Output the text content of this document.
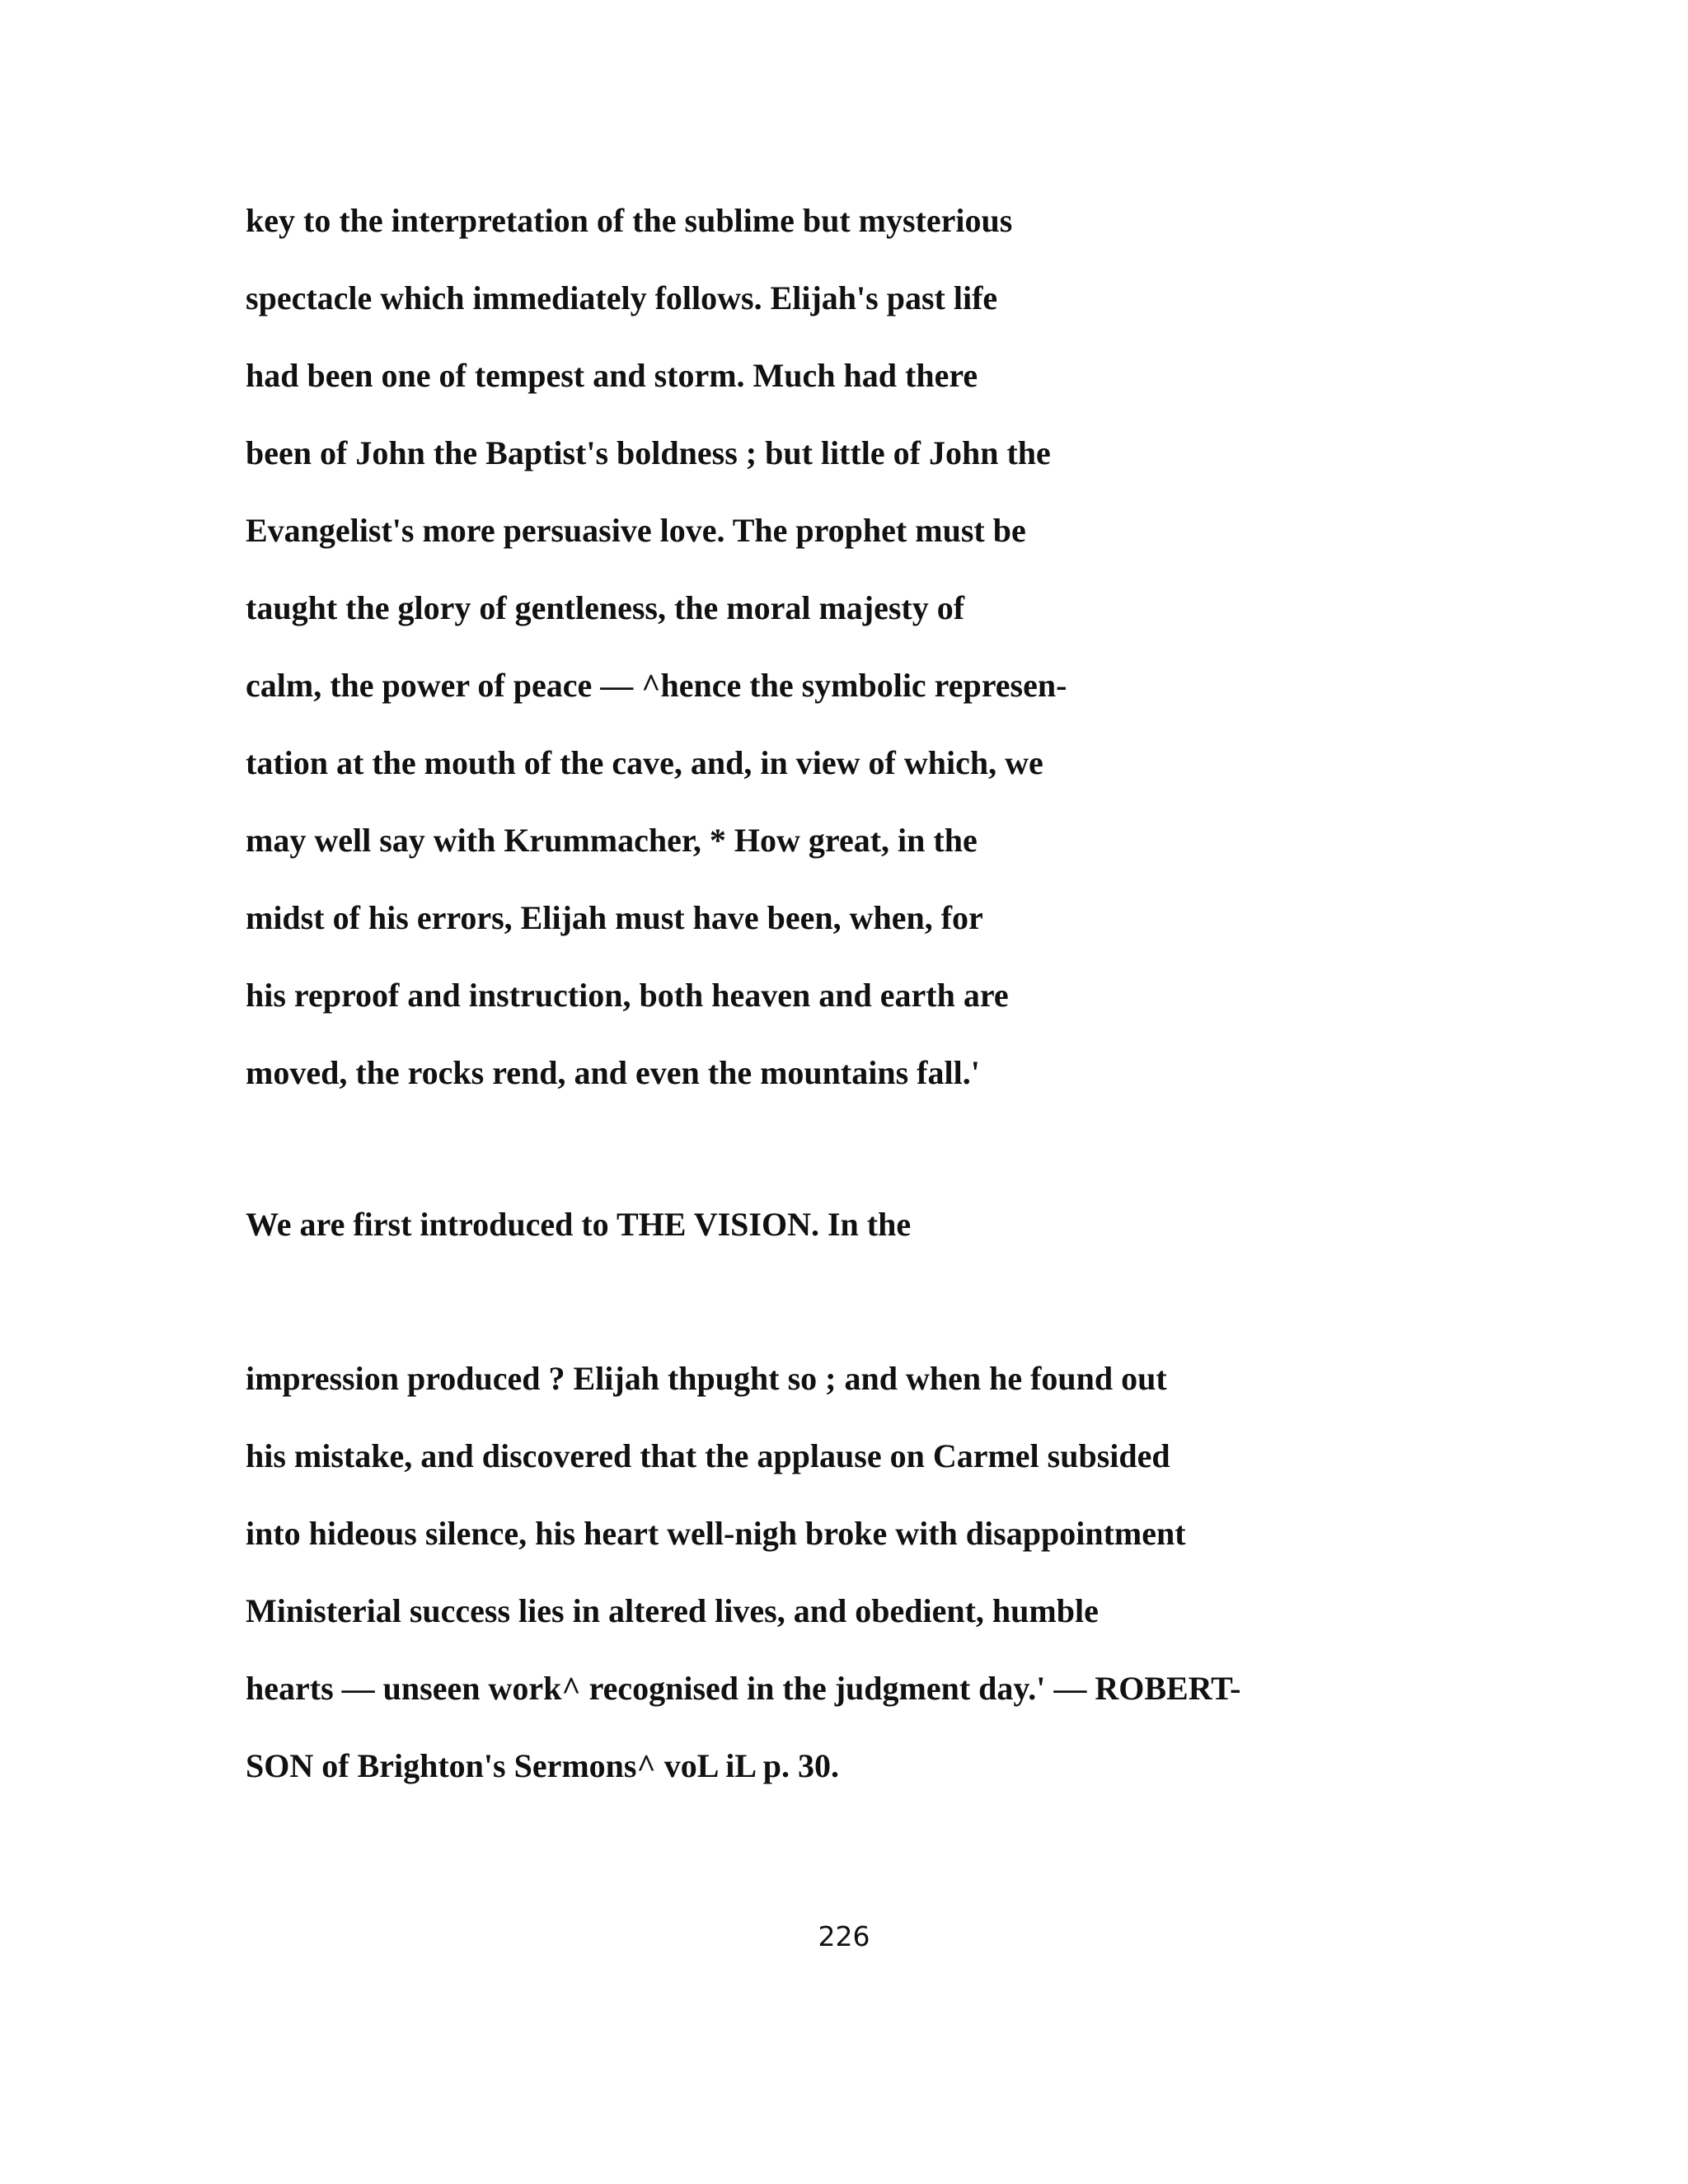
key to the interpretation of the sublime but mysterious
spectacle which immediately follows. Elijah's past life
had been one of tempest and storm. Much had there
been of John the Baptist's boldness ; but little of John the
Evangelist's more persuasive love. The prophet must be
taught the glory of gentleness, the moral majesty of
calm, the power of peace — ^hence the symbolic represen-
tation at the mouth of the cave, and, in view of which, we
may well say with Krummacher, * How great, in the
midst of his errors, Elijah must have been, when, for
his reproof and instruction, both heaven and earth are
moved, the rocks rend, and even the mountains fall.'
We are first introduced to THE VISION. In the
impression produced ? Elijah thpught so ; and when he found out
his mistake, and discovered that the applause on Carmel subsided
into hideous silence, his heart well-nigh broke with disappointment
Ministerial success lies in altered lives, and obedient, humble
hearts — unseen work^ recognised in the judgment day.' — ROBERT-
SON of Brighton's Sermons^ voL iL p. 30.
226
